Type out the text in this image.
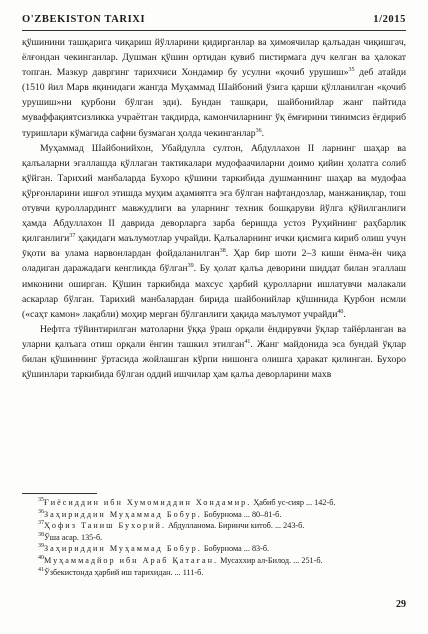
O'ZBEKISTON TARIXI	1/2015

қўшинини ташқарига чиқариш йўлларини қидирганлар ва ҳимоячилар қалъадан чиқишгач, ёлғондан чекинганлар. Душман қўшин ортидан қувиб пистирмага дуч келган ва ҳалокат топган. Мазкур давргинг тарихчиси Хондамир бу усулни «қочиб урушиш»$^{35}$ деб атайди (1510 йил Марв яқинидаги жангда Муҳаммад Шайбоний ўзига қарши қўлланилган «қочиб урушиш»ни қурбони бўлган эди). Бундан ташқари, шайбонийлар жанг пайтида муваффақиятсизликка учраётган тақдирда, камончиларнинг ўқ ёмғирини тинимсиз ёғдириб туришлари кўмагида сафни бузмаган ҳолда чекинганлар$^{36}$.

Муҳаммад Шайбонийхон, Убайдулла султон, Абдуллахон II ларнинг шаҳар ва қалъаларни эгаллашда қўллаган тактикалари мудофаачиларни доимо қийин ҳолатга солиб қўйган. Тарихий манбаларда Бухоро қўшини таркибида душманнинг шаҳар ва мудофаа қўрғонларини ишғол этишда муҳим аҳамиятга эга бўлган нафтандозлар, манжаниқлар, тош отувчи қуроллардингг мавжудлиги ва уларнинг техник бошқаруви йўлга қўйилганлиги ҳамда Абдуллахон II даврида деворларга зарба беришда устоз Руҳийнинг раҳбарлик қилганлиги$^{37}$ ҳақидаги маълумотлар учрайди. Қалъаларнинг ички қисмига кириб олиш учун ӯқоти ва улама нарвонлардан фойдаланилган$^{38}$. Ҳар бир шоти 2–3 киши ёнма-ён чиқа оладиган даражадаги кенгликда бўлган$^{39}$. Бу ҳолат қалъа деворини шиддат билан эгаллаш имконини оширган. Қўшин таркибида махсус ҳарбий қуролларни ишлатувчи малакали аскарлар бўлган. Тарихий манбалардан бирида шайбонийлар қўшинида Қурбон исмли («саҳт камон» лақабли) моҳир мерган бўлганлиги ҳақида маълумот учрайди$^{40}$.

Нефтга тўйинтирилган матоларни ўққа ўраш орқали ёндирувчи ўқлар тайёрланган ва уларни қалъага отиш орқали ёнгин ташкил этилган$^{41}$. Жанг майдонида эса бундай ўқлар билан қўшиннинг ўртасида жойлашган кўрпи нишонга олишга ҳаракат қилинган. Бухоро қўшинлари таркибида бўлган оддий ишчилар ҳам қалъа деворларини махв

$^{35}$Ғиёсиддин ибн Хумомиддин Хондамир. Ҳабиб ус-сияр ... 142-б.
$^{36}$Заҳириддин Муҳаммад Бобур. Бобурнома ... 80–81-б.
$^{37}$Ҳофиз Таниш Бухорий. Абдулланома. Биринчи китоб. ... 243-б.
$^{38}$Ўша асар. 135-б.
$^{39}$Заҳириддин Муҳаммад Бобур. Бобурнома ... 83-б.
$^{40}$Муҳаммадйор ибн Араб Қатаған. Мусаххир ал-Билод. ... 251-б.
$^{41}$Ўзбекистонда ҳарбий иш тарихидан. ... 111-б.
29
